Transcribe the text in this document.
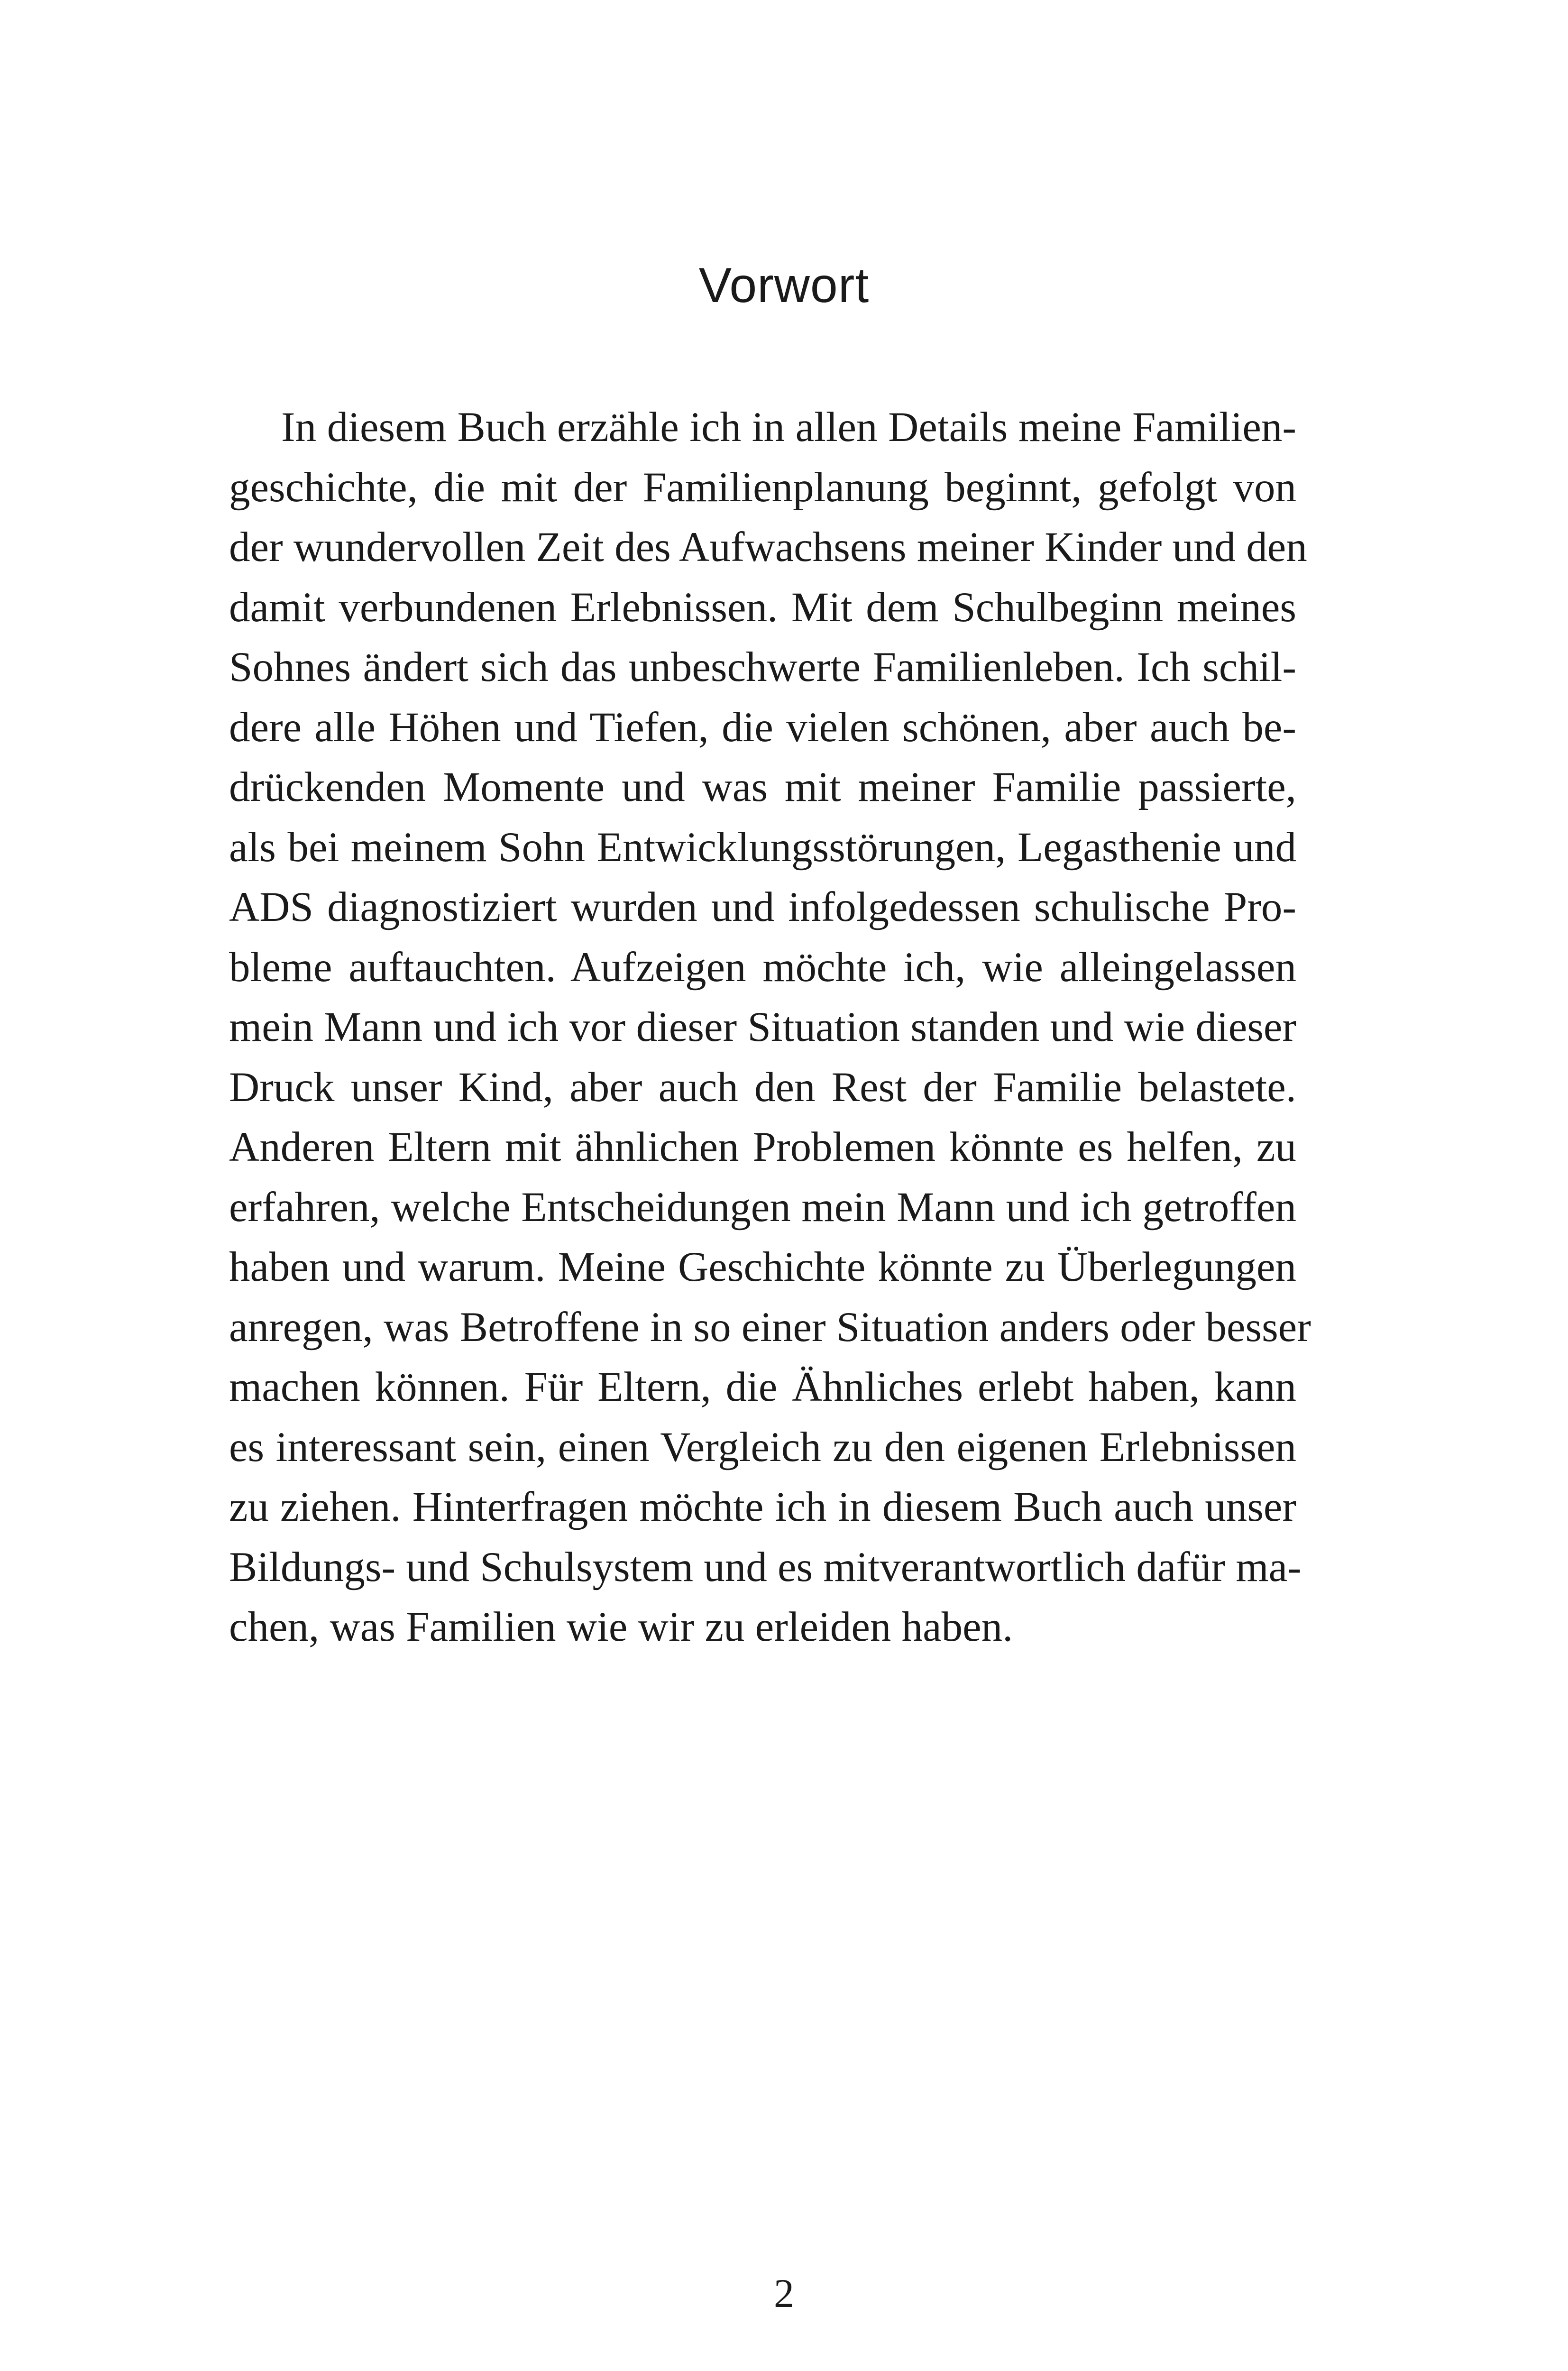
Vorwort
In diesem Buch erzähle ich in allen Details meine Familien-
geschichte, die mit der Familienplanung beginnt, gefolgt von
der wundervollen Zeit des Aufwachsens meiner Kinder und den
damit verbundenen Erlebnissen. Mit dem Schulbeginn meines
Sohnes ändert sich das unbeschwerte Familienleben. Ich schil-
dere alle Höhen und Tiefen, die vielen schönen, aber auch be-
drückenden Momente und was mit meiner Familie passierte,
als bei meinem Sohn Entwicklungsstörungen, Legasthenie und
ADS diagnostiziert wurden und infolgedessen schulische Pro-
bleme auftauchten. Aufzeigen möchte ich, wie alleingelassen
mein Mann und ich vor dieser Situation standen und wie dieser
Druck unser Kind, aber auch den Rest der Familie belastete.
Anderen Eltern mit ähnlichen Problemen könnte es helfen, zu
erfahren, welche Entscheidungen mein Mann und ich getroffen
haben und warum. Meine Geschichte könnte zu Überlegungen
anregen, was Betroffene in so einer Situation anders oder besser
machen können. Für Eltern, die Ähnliches erlebt haben, kann
es interessant sein, einen Vergleich zu den eigenen Erlebnissen
zu ziehen. Hinterfragen möchte ich in diesem Buch auch unser
Bildungs- und Schulsystem und es mitverantwortlich dafür ma-
chen, was Familien wie wir zu erleiden haben.
2
